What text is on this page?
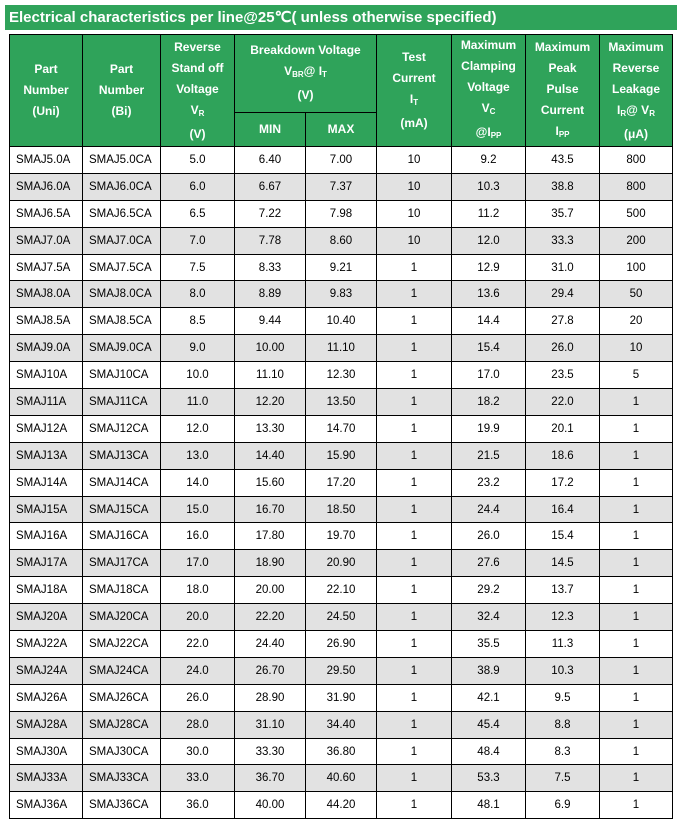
Electrical characteristics per line@25℃( unless otherwise specified)
Part
Number
(Uni)	Part
Number
(Bi)	Reverse
Stand off
Voltage
$V_R$
(V)	Breakdown Voltage
$V_{BR}@$ $I_T$
(V)		Test
Current
$I_T$
(mA)	Maximum
Clamping
Voltage
$V_C$
$@I_{PP}$	Maximum
Peak
Pulse
Current
$I_{PP}$	Maximum
Reverse
Leakage
$I_R@$ $V_R$
(μA)

			MIN	MAX				
SMAJ5.0A	SMAJ5.0CA	5.0	6.40	7.00	10	9.2	43.5	800
SMAJ6.0A	SMAJ6.0CA	6.0	6.67	7.37	10	10.3	38.8	800
SMAJ6.5A	SMAJ6.5CA	6.5	7.22	7.98	10	11.2	35.7	500
SMAJ7.0A	SMAJ7.0CA	7.0	7.78	8.60	10	12.0	33.3	200
SMAJ7.5A	SMAJ7.5CA	7.5	8.33	9.21	1	12.9	31.0	100
SMAJ8.0A	SMAJ8.0CA	8.0	8.89	9.83	1	13.6	29.4	50
SMAJ8.5A	SMAJ8.5CA	8.5	9.44	10.40	1	14.4	27.8	20
SMAJ9.0A	SMAJ9.0CA	9.0	10.00	11.10	1	15.4	26.0	10
SMAJ10A	SMAJ10CA	10.0	11.10	12.30	1	17.0	23.5	5
SMAJ11A	SMAJ11CA	11.0	12.20	13.50	1	18.2	22.0	1
SMAJ12A	SMAJ12CA	12.0	13.30	14.70	1	19.9	20.1	1
SMAJ13A	SMAJ13CA	13.0	14.40	15.90	1	21.5	18.6	1
SMAJ14A	SMAJ14CA	14.0	15.60	17.20	1	23.2	17.2	1
SMAJ15A	SMAJ15CA	15.0	16.70	18.50	1	24.4	16.4	1
SMAJ16A	SMAJ16CA	16.0	17.80	19.70	1	26.0	15.4	1
SMAJ17A	SMAJ17CA	17.0	18.90	20.90	1	27.6	14.5	1
SMAJ18A	SMAJ18CA	18.0	20.00	22.10	1	29.2	13.7	1
SMAJ20A	SMAJ20CA	20.0	22.20	24.50	1	32.4	12.3	1
SMAJ22A	SMAJ22CA	22.0	24.40	26.90	1	35.5	11.3	1
SMAJ24A	SMAJ24CA	24.0	26.70	29.50	1	38.9	10.3	1
SMAJ26A	SMAJ26CA	26.0	28.90	31.90	1	42.1	9.5	1
SMAJ28A	SMAJ28CA	28.0	31.10	34.40	1	45.4	8.8	1
SMAJ30A	SMAJ30CA	30.0	33.30	36.80	1	48.4	8.3	1
SMAJ33A	SMAJ33CA	33.0	36.70	40.60	1	53.3	7.5	1
SMAJ36A	SMAJ36CA	36.0	40.00	44.20	1	48.1	6.9	1
